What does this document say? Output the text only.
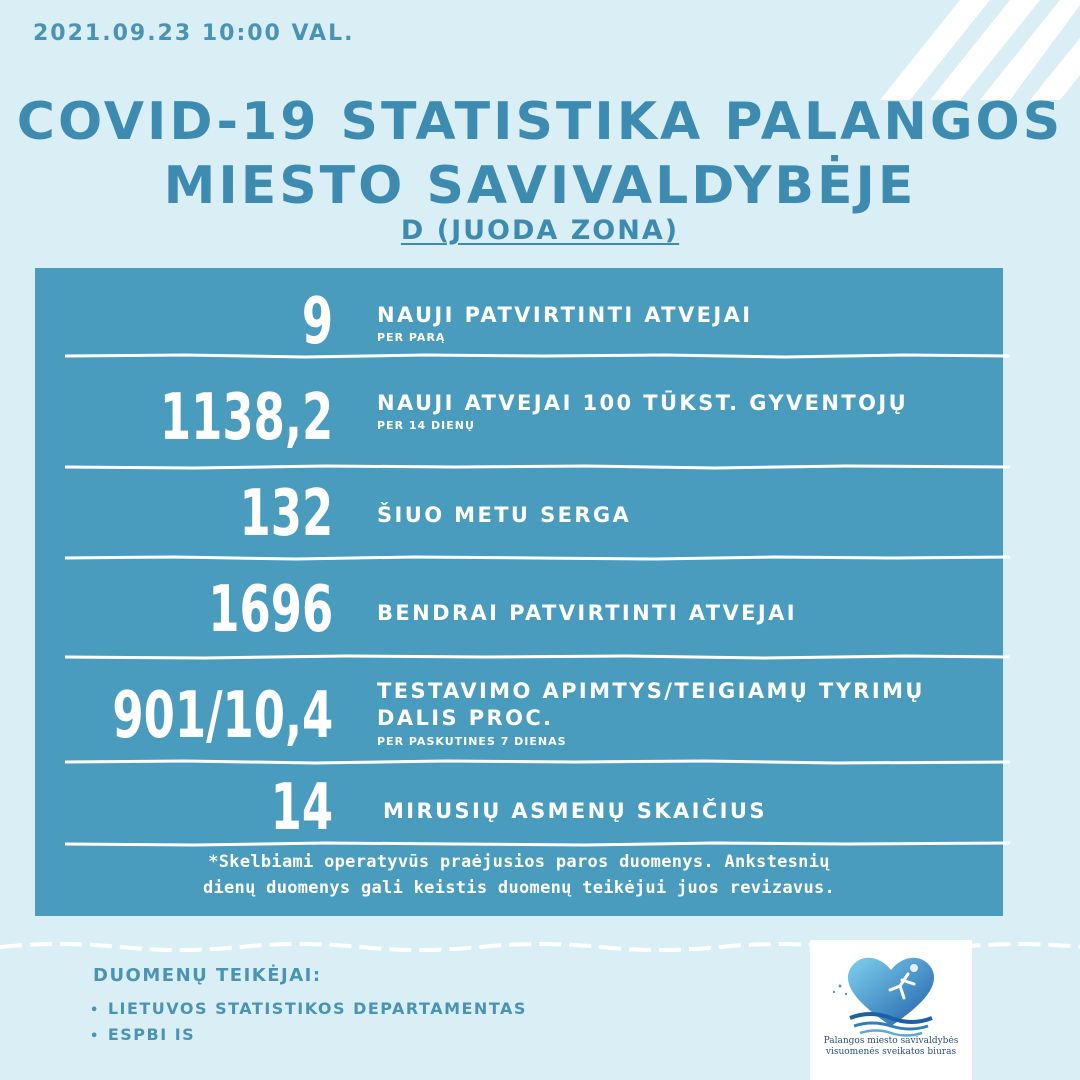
2021.09.23 10:00 VAL.
COVID-19 STATISTIKA PALANGOS
MIESTO SAVIVALDYBĖJE
D (JUODA ZONA)
9 NAUJI PATVIRTINTI ATVEJAI
PER PARĄ
1138,2 NAUJI ATVEJAI 100 TŪKST. GYVENTOJŲ
PER 14 DIENŲ
132 ŠIUO METU SERGA
1696 BENDRAI PATVIRTINTI ATVEJAI
901/10,4 TESTAVIMO APIMTYS/TEIGIAMŲ TYRIMŲ DALIS PROC.
PER PASKUTINES 7 DIENAS
14 MIRUSIŲ ASMENŲ SKAIČIUS
*Skelbiami operatyvūs praėjusios paros duomenys. Ankstesnių
dienų duomenys gali keistis duomenų teikėjui juos revizavus.
DUOMENŲ TEIKĖJAI:
• LIETUVOS STATISTIKOS DEPARTAMENTAS
• ESPBI IS	Palangos miesto savivaldybės
visuomenės sveikatos biuras
